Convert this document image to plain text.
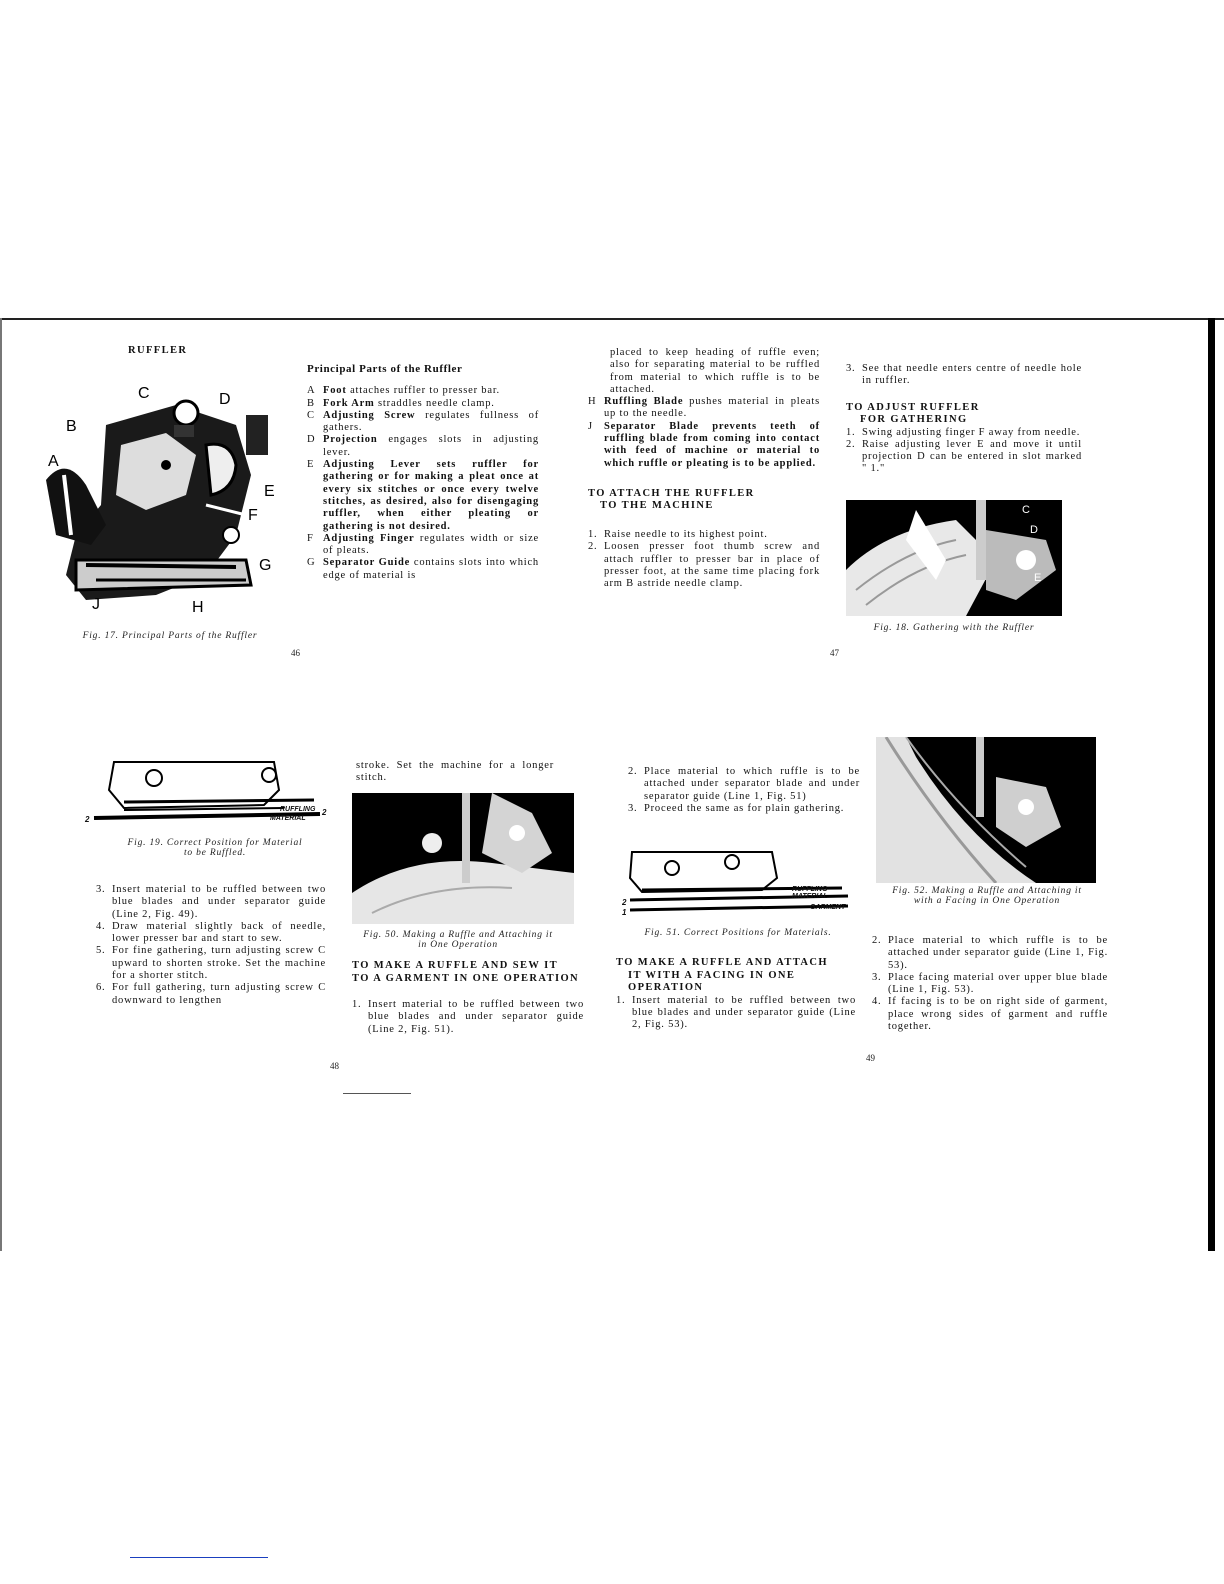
RUFFLER
C	D
B
A
E
F
G
H
J
Fig. 17. Principal Parts of the Ruffler
46
Principal Parts of the Ruffler
A Foot attaches ruffler to presser bar.
B Fork Arm straddles needle clamp.
C Adjusting Screw regulates fullness of gathers.
D Projection engages slots in adjusting lever.
E Adjusting Lever sets ruffler for gathering or for making a pleat once at every six stitches or once every twelve stitches, as desired, also for disengaging ruffler, when either pleating or gathering is not desired.
F Adjusting Finger regulates width or size of pleats.
G Separator Guide contains slots into which edge of material is
placed to keep heading of ruffle even; also for separating material to be ruffled from material to which ruffle is to be attached.
H Ruffling Blade pushes material in pleats up to the needle.
J	Separator Blade prevents teeth of ruffling blade from coming into contact with feed of machine or material to which ruffle or pleating is to be applied.
TO ATTACH THE RUFFLER
TO THE MACHINE
1. Raise needle to its highest point.
2. Loosen presser foot thumb screw and attach ruffler to presser bar in place of presser foot, at the same time placing fork arm B astride needle clamp.
47
3. See that needle enters centre of needle hole in ruffler.
TO ADJUST RUFFLER
FOR GATHERING
1. Swing adjusting finger F away from needle.
2. Raise adjusting lever E and move it until projection D can be entered in slot marked " 1."
C
D
E
Fig. 18. Gathering with the Ruffler
RUFFLING
MATERIAL
2
2
Fig. 19. Correct Position for Material
to be Ruffled.
3. Insert material to be ruffled between two blue blades and under separator guide (Line 2, Fig. 49).
4. Draw material slightly back of needle, lower presser bar and start to sew.
5. For fine gathering, turn adjusting screw C upward to shorten stroke. Set the machine for a shorter stitch.
6. For full gathering, turn adjusting screw C downward to lengthen
stroke. Set the machine for a longer stitch.
Fig. 50. Making a Ruffle and Attaching it
in One Operation
TO MAKE A RUFFLE AND SEW IT
TO A GARMENT IN ONE OPERATION
1. Insert material to be ruffled between two blue blades and under separator guide (Line 2, Fig. 51).
48
2. Place material to which ruffle is to be attached under separator blade and under separator guide (Line 1, Fig. 51)
3. Proceed the same as for plain gathering.
RUFFLING MATERIAL
GARMENT
2
1
Fig. 51. Correct Positions for Materials.
TO MAKE A RUFFLE AND ATTACH
IT WITH A FACING IN ONE
OPERATION
1. Insert material to be ruffled between two blue blades and under separator guide (Line 2, Fig. 53).
Fig. 52. Making a Ruffle and Attaching it
with a Facing in One Operation
2. Place material to which ruffle is to be attached under separator guide (Line 1, Fig. 53).
3. Place facing material over upper blue blade (Line 1, Fig. 53).
4. If facing is to be on right side of garment, place wrong sides of garment and ruffle together.
49
